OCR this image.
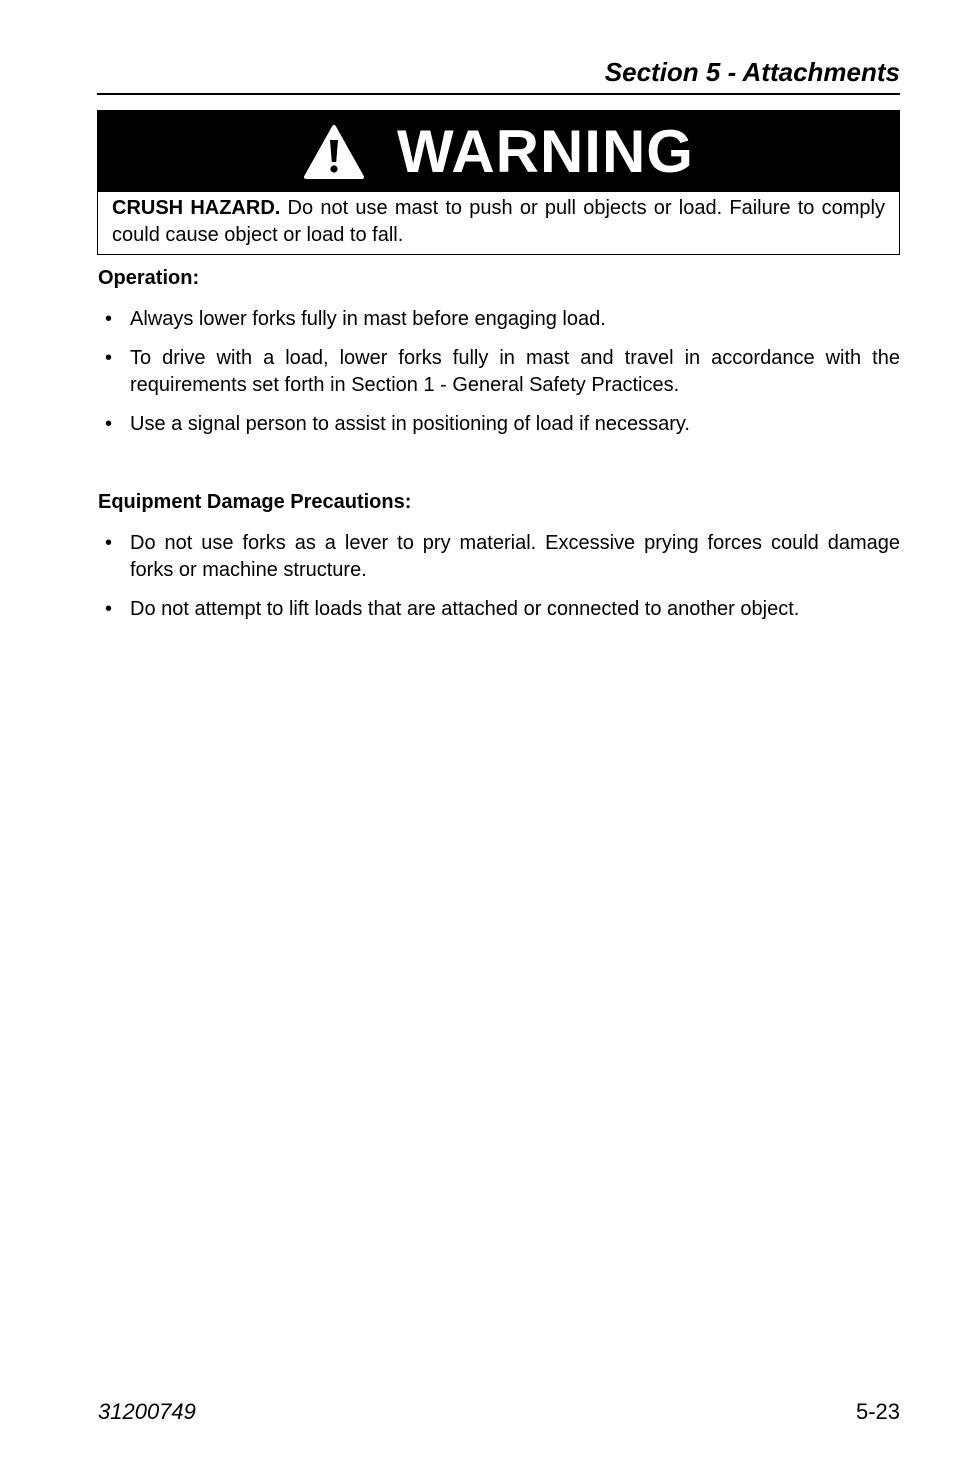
Section 5 - Attachments
WARNING

CRUSH HAZARD. Do not use mast to push or pull objects or load. Failure to comply could cause object or load to fall.

Operation:
• Always lower forks fully in mast before engaging load.
• To drive with a load, lower forks fully in mast and travel in accordance with the requirements set forth in Section 1 - General Safety Practices.
• Use a signal person to assist in positioning of load if necessary.
Equipment Damage Precautions:
• Do not use forks as a lever to pry material. Excessive prying forces could damage forks or machine structure.
• Do not attempt to lift loads that are attached or connected to another object.
31200749	5-23
